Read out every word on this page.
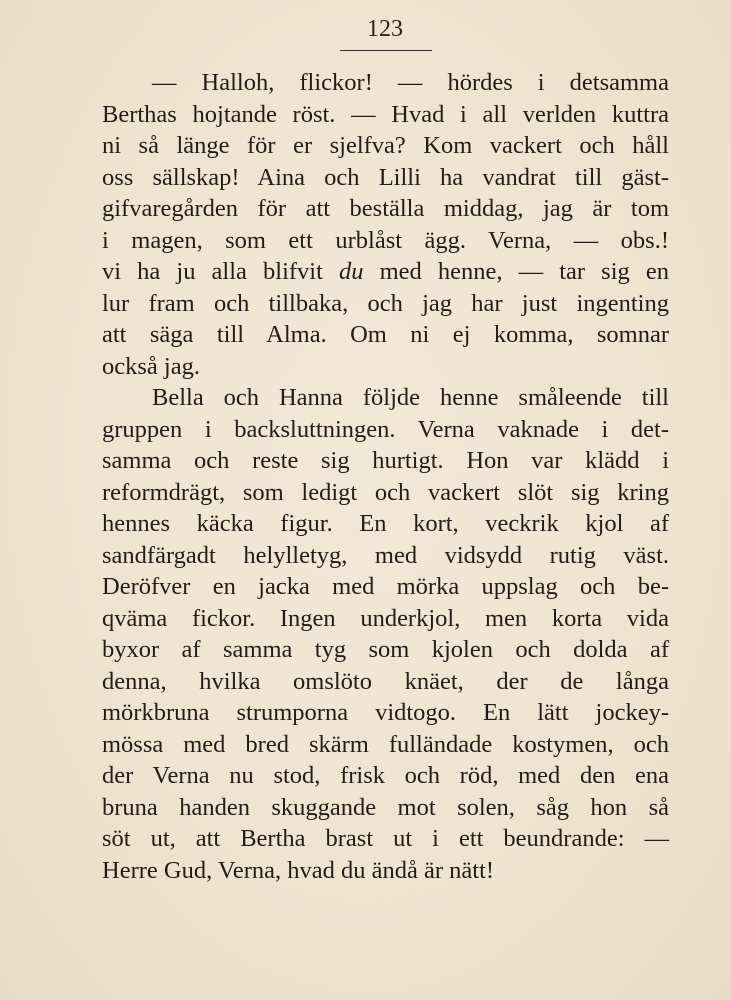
123
— Halloh, flickor! — hördes i detsamma
Berthas hojtande röst. — Hvad i all verlden kuttra
ni så länge för er sjelfva? Kom vackert och håll
oss sällskap! Aina och Lilli ha vandrat till gäst-
gifvaregården för att beställa middag, jag är tom
i magen, som ett urblåst ägg. Verna, — obs.!
vi ha ju alla blifvit du med henne, — tar sig en
lur fram och tillbaka, och jag har just ingenting
att säga till Alma. Om ni ej komma, somnar
också jag.
Bella och Hanna följde henne småleende till
gruppen i backsluttningen. Verna vaknade i det-
samma och reste sig hurtigt. Hon var klädd i
reformdrägt, som ledigt och vackert slöt sig kring
hennes käcka figur. En kort, veckrik kjol af
sandfärgadt helylletyg, med vidsydd rutig väst.
Deröfver en jacka med mörka uppslag och be-
qväma fickor. Ingen underkjol, men korta vida
byxor af samma tyg som kjolen och dolda af
denna, hvilka omslöto knäet, der de långa
mörkbruna strumporna vidtogo. En lätt jockey-
mössa med bred skärm fulländade kostymen, och
der Verna nu stod, frisk och röd, med den ena
bruna handen skuggande mot solen, såg hon så
söt ut, att Bertha brast ut i ett beundrande: —
Herre Gud, Verna, hvad du ändå är nätt!
